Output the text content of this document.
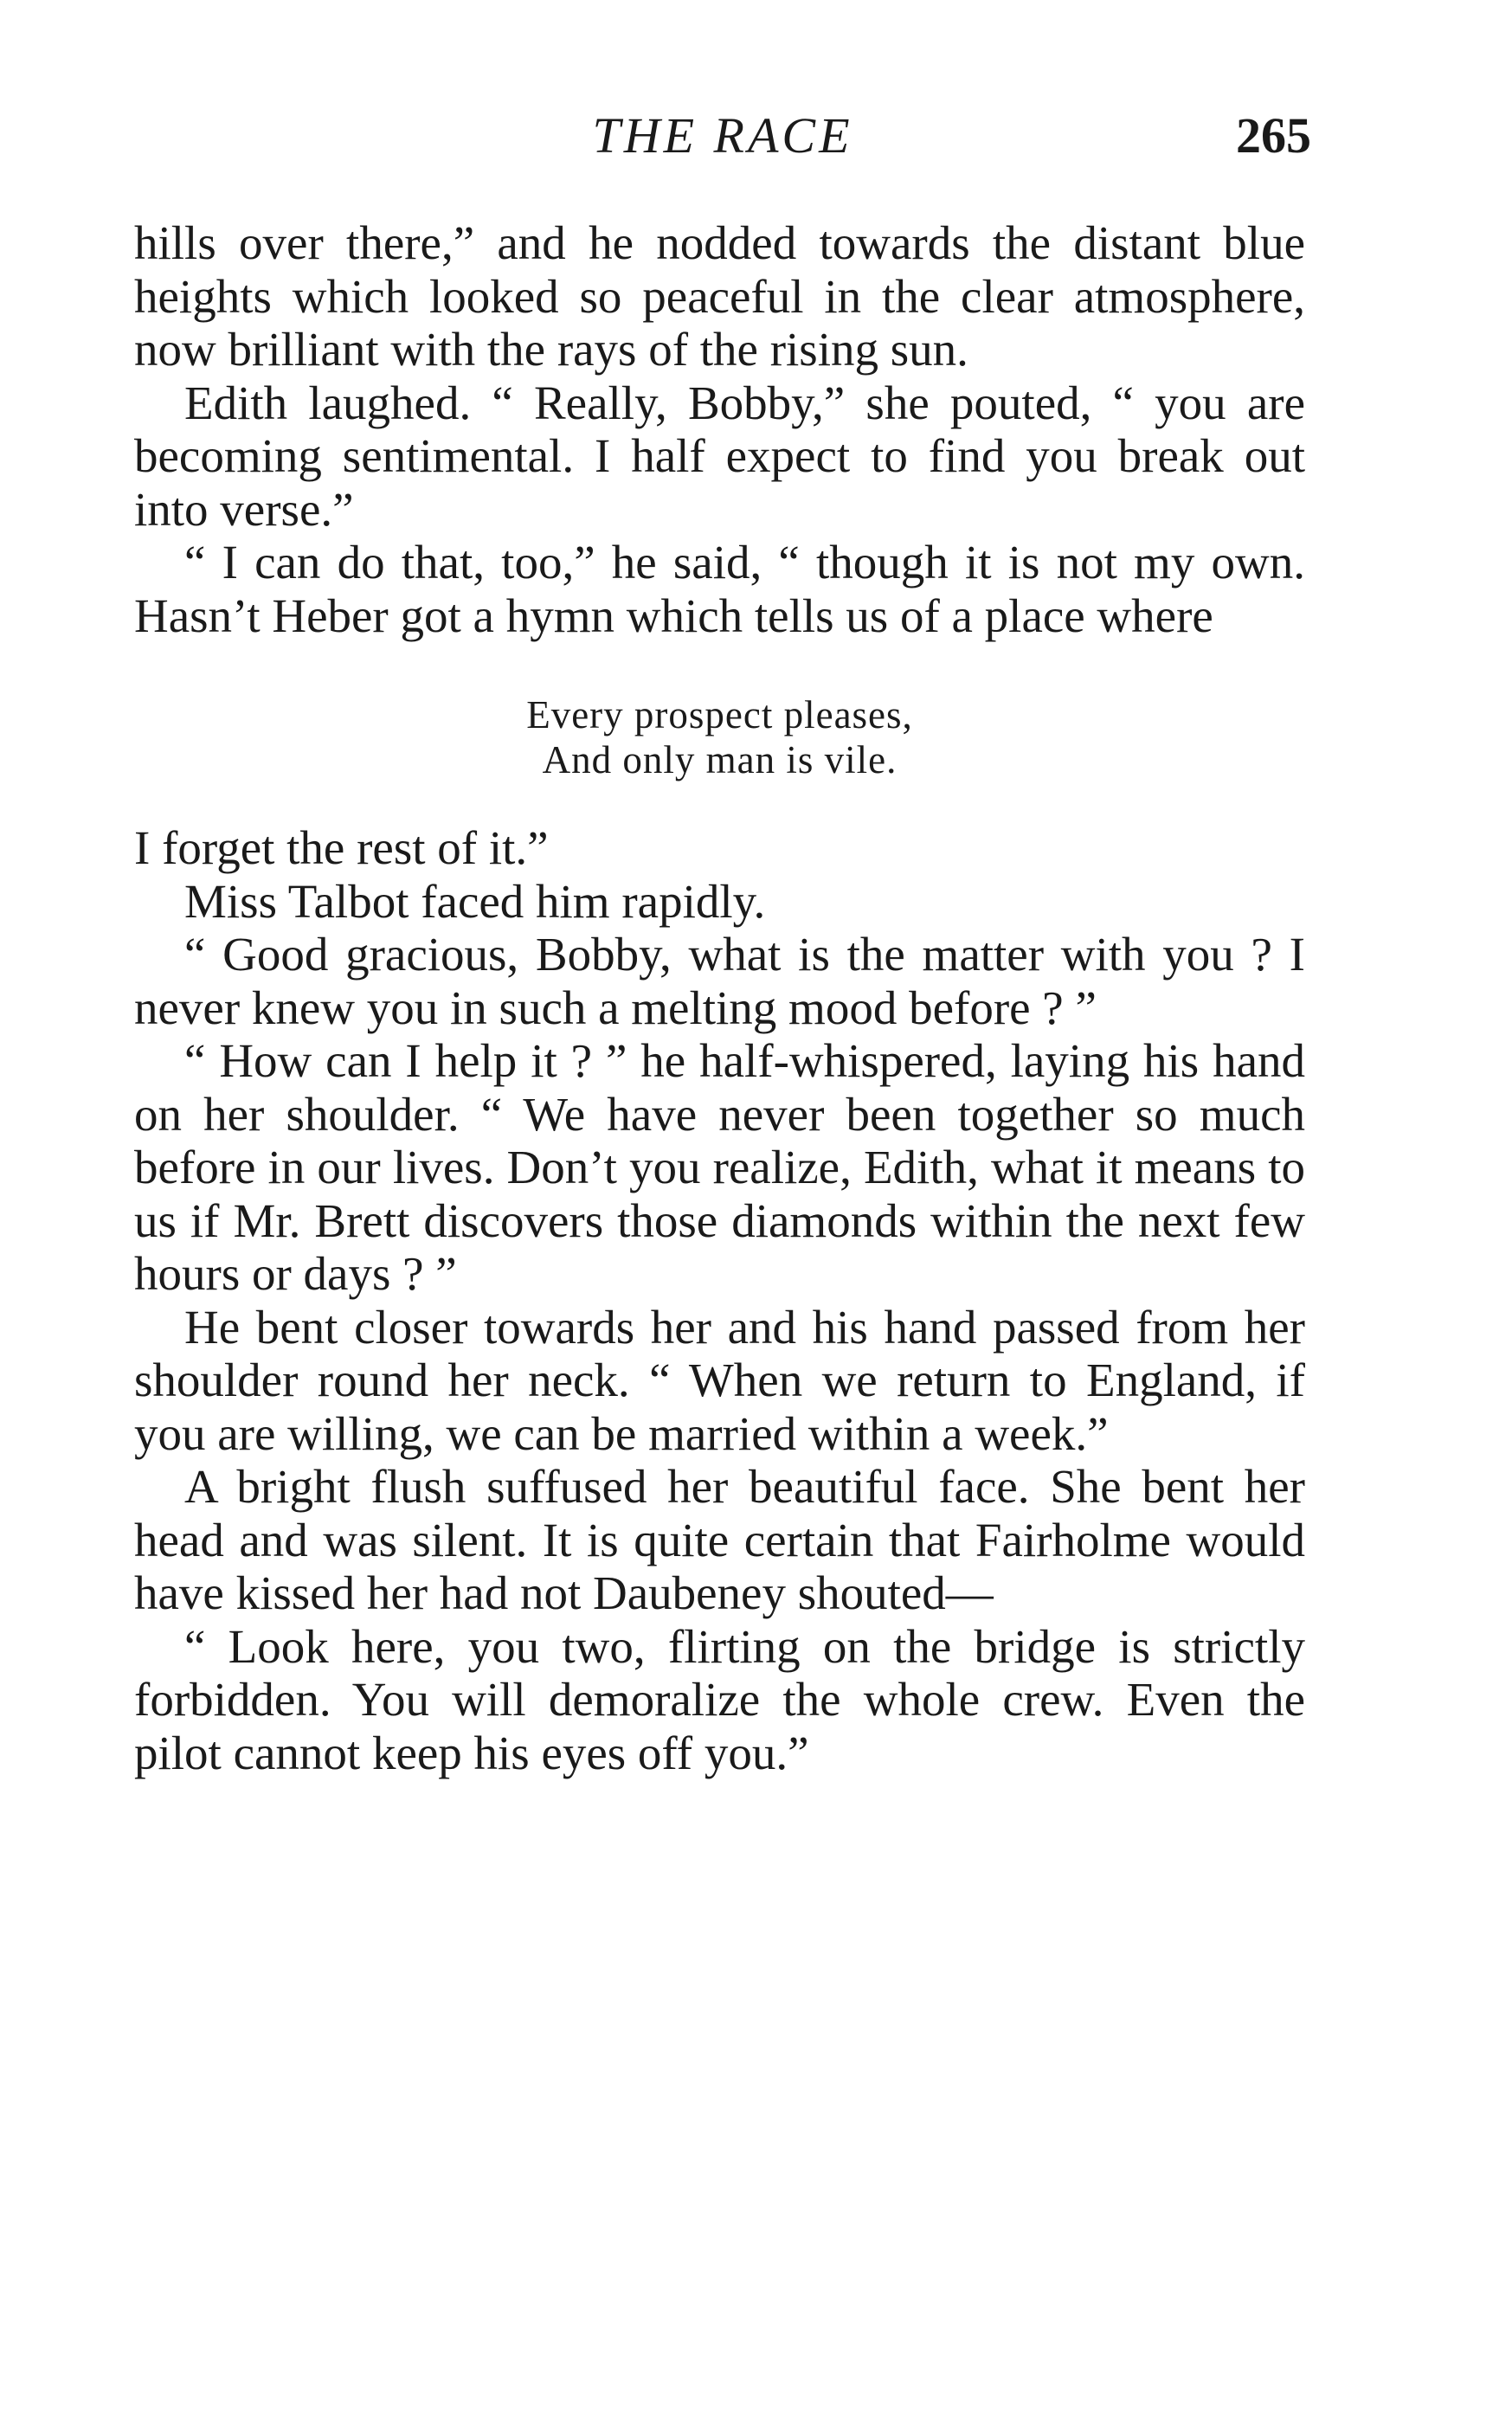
THE RACE	265

hills over there,” and he nodded towards the distant blue heights which looked so peaceful in the clear atmosphere, now brilliant with the rays of the rising sun.

Edith laughed. “ Really, Bobby,” she pouted, “ you are becoming sentimental. I half expect to find you break out into verse.”

“ I can do that, too,” he said, “ though it is not my own. Hasn’t Heber got a hymn which tells us of a place where

Every prospect pleases,
And only man is vile.

I forget the rest of it.”

Miss Talbot faced him rapidly.

“ Good gracious, Bobby, what is the matter with you ? I never knew you in such a melting mood before ? ”

“ How can I help it ? ” he half-whispered, laying his hand on her shoulder. “ We have never been together so much before in our lives. Don’t you realize, Edith, what it means to us if Mr. Brett discovers those diamonds within the next few hours or days ? ”

He bent closer towards her and his hand passed from her shoulder round her neck. “ When we return to England, if you are willing, we can be married within a week.”

A bright flush suffused her beautiful face. She bent her head and was silent. It is quite certain that Fairholme would have kissed her had not Daubeney shouted—

“ Look here, you two, flirting on the bridge is strictly forbidden. You will demoralize the whole crew. Even the pilot cannot keep his eyes off you.”
